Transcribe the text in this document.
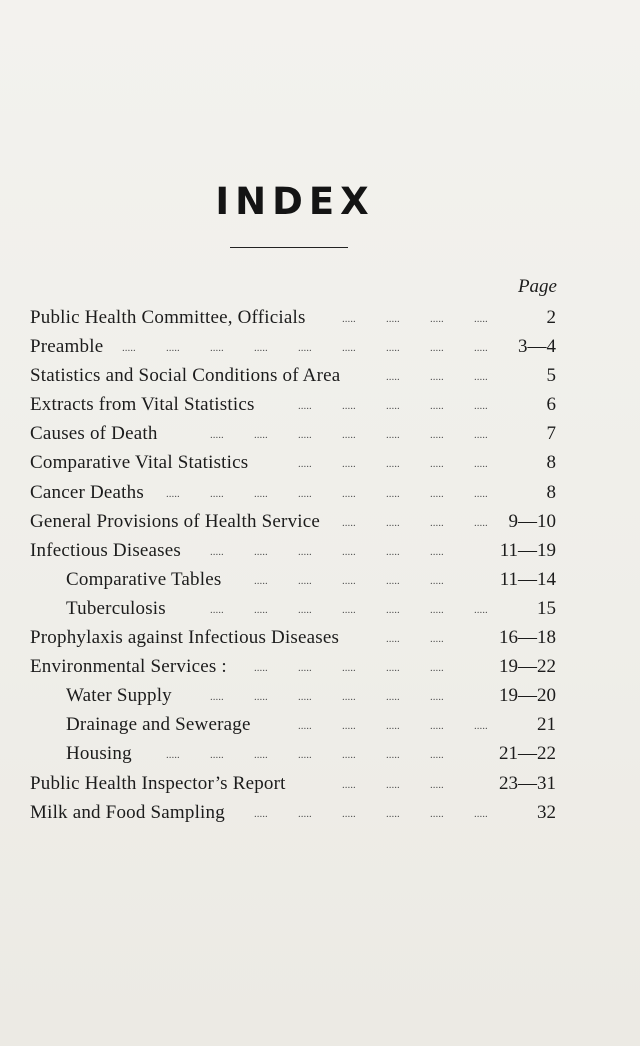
INDEX
Page
.....	.....	.....	.....
Public Health Committee, Officials	2
.....	.....	.....	.....	.....	.....	.....	.....	.....
Preamble	3—4
.....	.....	.....
Statistics and Social Conditions of Area	5
.....	.....	.....	.....	.....
Extracts from Vital Statistics	6
.....	.....	.....	.....	.....	.....	.....
Causes of Death	7
.....	.....	.....	.....	.....
Comparative Vital Statistics	8
.....	.....	.....	.....	.....	.....	.....	.....
Cancer Deaths	8
.....	.....	.....	.....
General Provisions of Health Service	9—10
.....	.....	.....	.....	.....	.....
Infectious Diseases	11—19
.....	.....	.....	.....	.....
Comparative Tables	11—14
.....	.....	.....	.....	.....	.....	.....
Tuberculosis	15
.....	.....
Prophylaxis against Infectious Diseases	16—18
.....	.....	.....	.....	.....
Environmental Services :	19—22
.....	.....	.....	.....	.....	.....
Water Supply	19—20
.....	.....	.....	.....	.....
Drainage and Sewerage	21
.....	.....	.....	.....	.....	.....	.....
Housing	21—22
.....	.....	.....
Public Health Inspector’s Report	23—31
.....	.....	.....	.....	.....	.....
Milk and Food Sampling	32
